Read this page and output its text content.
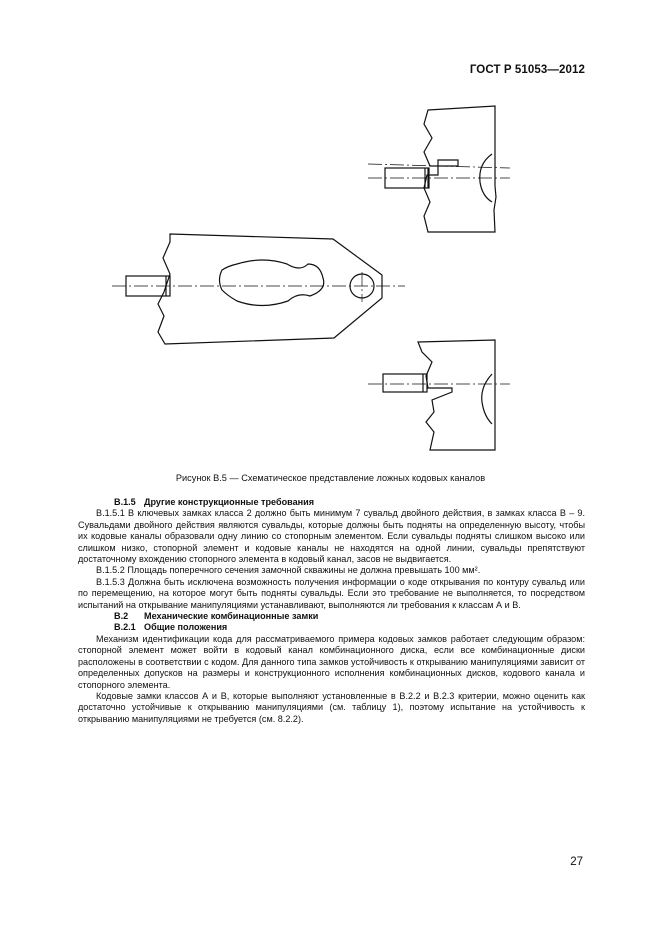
ГОСТ Р 51053—2012
Рисунок В.5 — Схематическое представление ложных кодовых каналов

В.1.5 Другие конструкционные требования

В.1.5.1 В ключевых замках класса 2 должно быть минимум 7 сувальд двойного действия, в замках класса В – 9. Сувальдами двойного действия являются сувальды, которые должны быть подняты на определенную высоту, чтобы их кодовые каналы образовали одну линию со стопорным элементом. Если сувальды подняты слишком высоко или слишком низко, стопорной элемент и кодовые каналы не находятся на одной линии, сувальды препятствуют достаточному вхождению стопорного элемента в кодовый канал, засов не выдвигается.

В.1.5.2 Площадь поперечного сечения замочной скважины не должна превышать 100 мм².

В.1.5.3 Должна быть исключена возможность получения информации о коде открывания по контуру сувальд или по перемещению, на которое могут быть подняты сувальды. Если это требование не выполняется, то посредством испытаний на открывание манипуляциями устанавливают, выполняются ли требования к классам А и В.

В.2 Механические комбинационные замки

В.2.1 Общие положения

Механизм идентификации кода для рассматриваемого примера кодовых замков работает следующим образом: стопорной элемент может войти в кодовый канал комбинационного диска, если все комбинационные диски расположены в соответствии с кодом. Для данного типа замков устойчивость к открыванию манипуляциями зависит от определенных допусков на размеры и конструкционного исполнения комбинационных дисков, кодового канала и стопорного элемента.

Кодовые замки классов А и В, которые выполняют установленные в В.2.2 и В.2.3 критерии, можно оценить как достаточно устойчивые к открыванию манипуляциями (см. таблицу 1), поэтому испытание на устойчивость к открыванию манипуляциями не требуется (см. 8.2.2).

27
